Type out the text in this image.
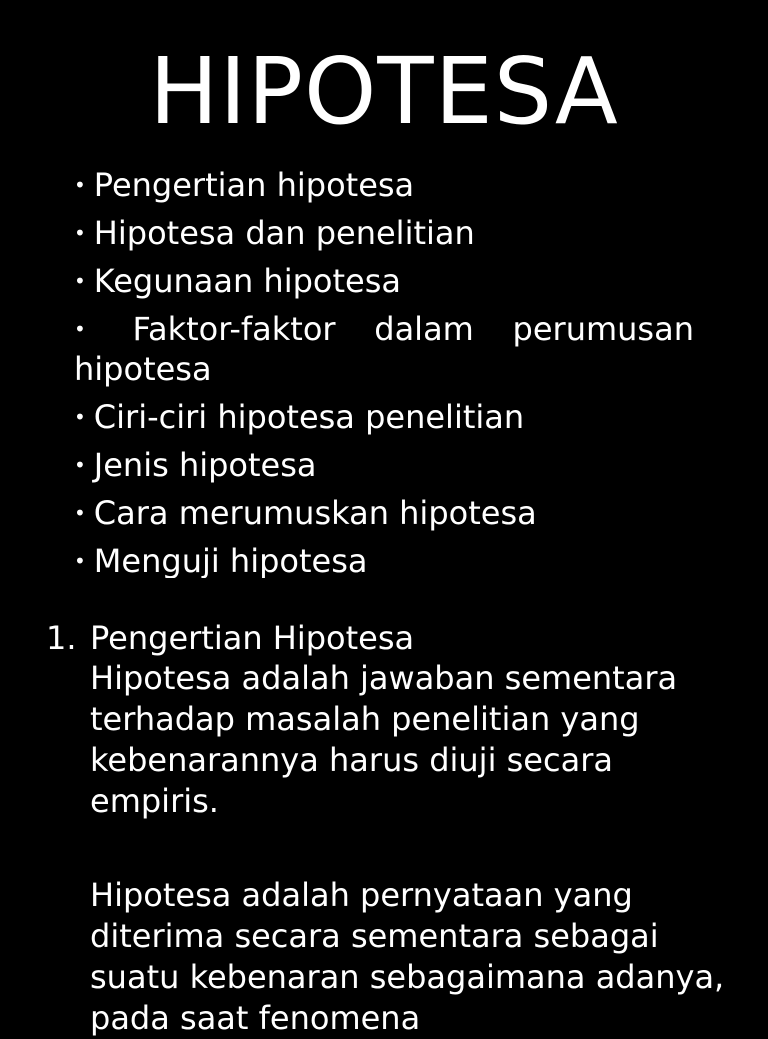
HIPOTESA
• Pengertian hipotesa
• Hipotesa dan penelitian
• Kegunaan hipotesa
• Faktor-faktor dalam perumusan
hipotesa
• Ciri-ciri hipotesa penelitian
• Jenis hipotesa
• Cara merumuskan hipotesa
• Menguji hipotesa
1. Pengertian Hipotesa

Hipotesa adalah jawaban sementara terhadap masalah penelitian yang kebenarannya harus diuji secara empiris.

Hipotesa adalah pernyataan yang diterima secara sementara sebagai suatu kebenaran sebagaimana adanya, pada saat fenomena
